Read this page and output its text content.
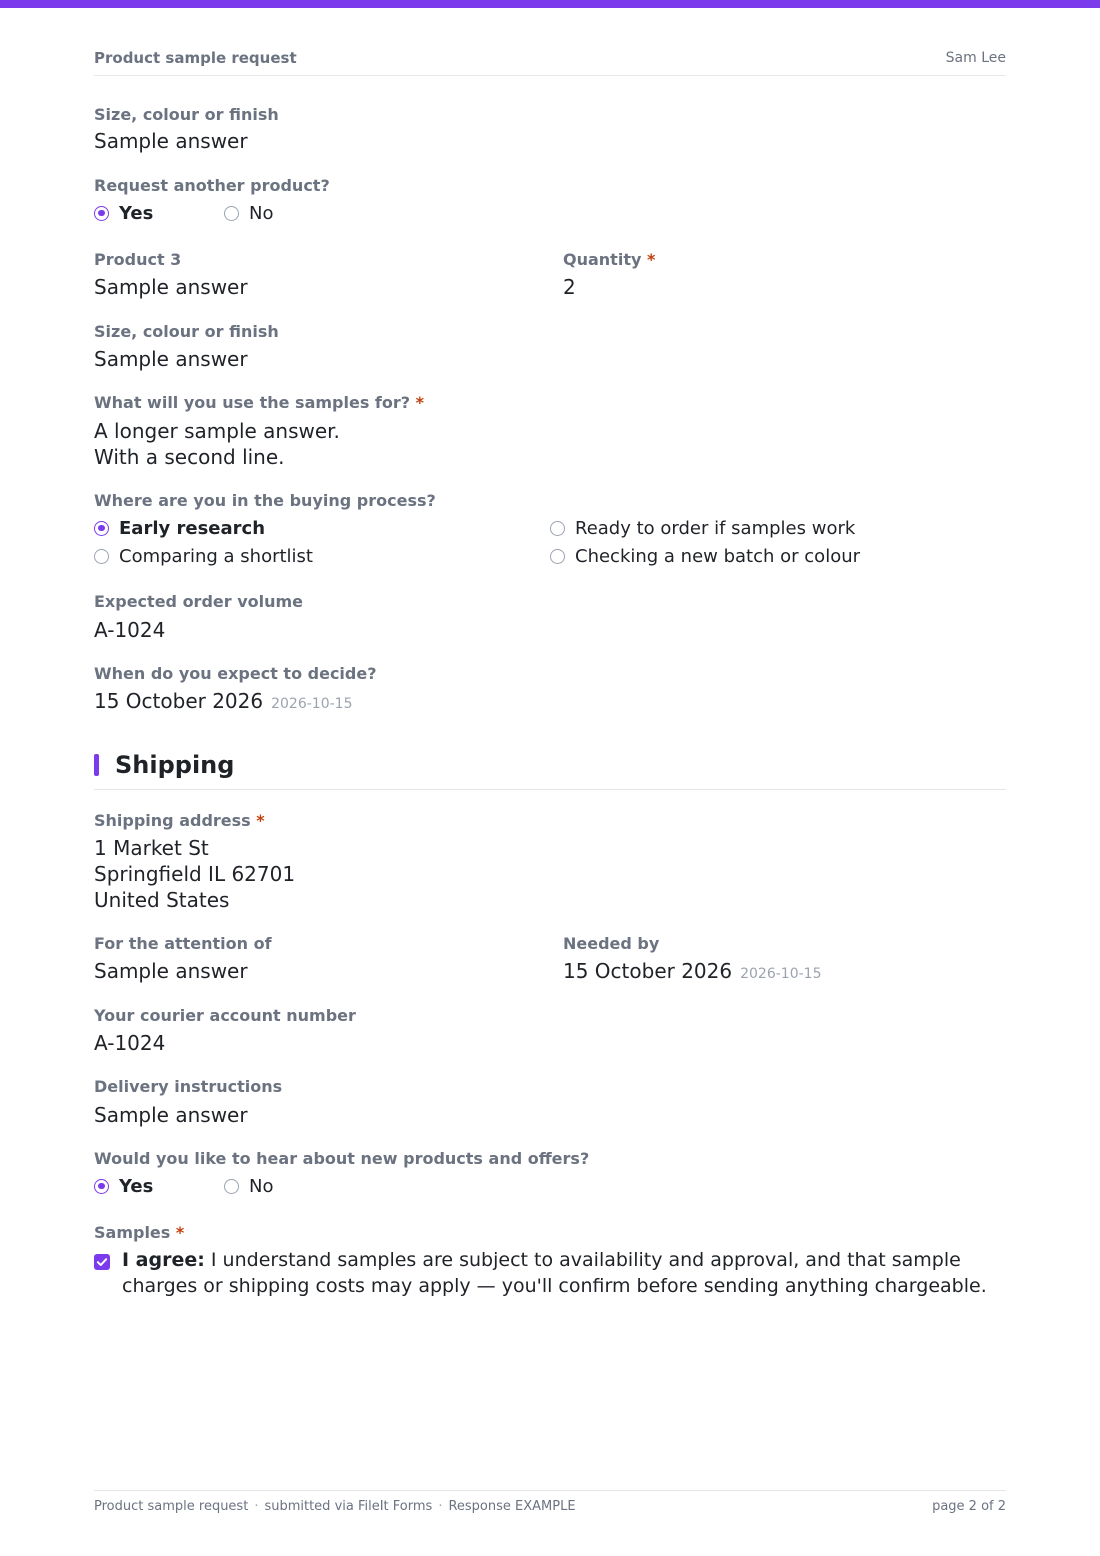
Product sample request	Sam Lee
Size, colour or finish
Sample answer
Request another product?
Yes	No
Product 3
Sample answer
Quantity *
2
Size, colour or finish
Sample answer
What will you use the samples for? *
A longer sample answer.
With a second line.
Where are you in the buying process?
Early research	Ready to order if samples work
Comparing a shortlist	Checking a new batch or colour
Expected order volume
A-1024
When do you expect to decide?
15 October 2026 2026-10-15
Shipping
Shipping address *
1 Market St
Springfield IL 62701
United States
For the attention of
Sample answer
Needed by
15 October 2026 2026-10-15
Your courier account number
A-1024
Delivery instructions
Sample answer
Would you like to hear about new products and offers?
Yes	No
Samples *
I agree: I understand samples are subject to availability and approval, and that sample charges or shipping costs may apply — you'll confirm before sending anything chargeable.
Product sample request · submitted via FileIt Forms · Response EXAMPLE	page 2 of 2
